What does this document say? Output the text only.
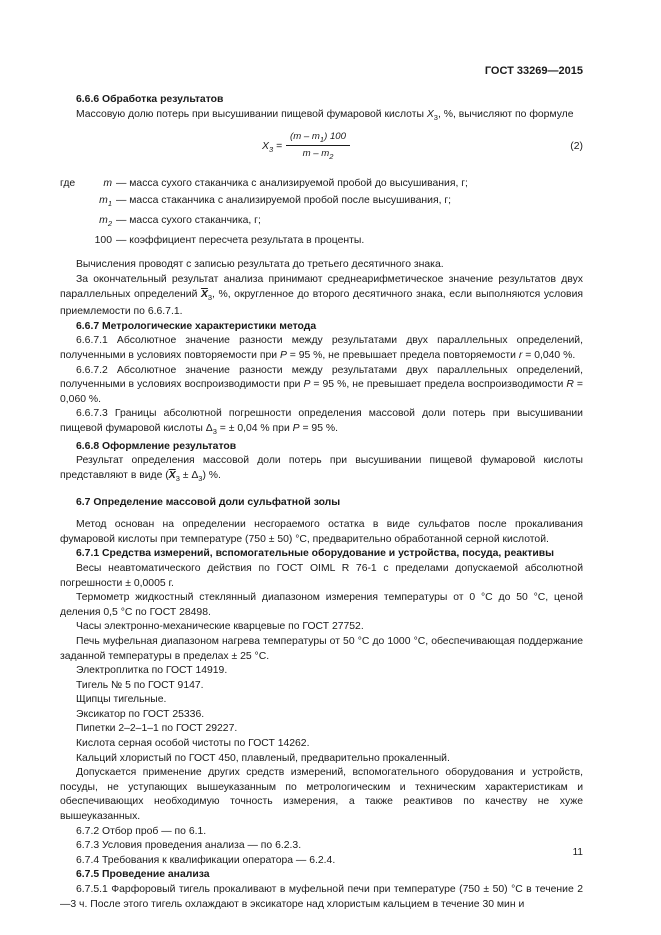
ГОСТ 33269—2015

6.6.6 Обработка результатов

Массовую долю потерь при высушивании пищевой фумаровой кислоты $X_3$, %, вычисляют по формуле

$X_3 = \frac{(m - m_1) 100}{m - m_2}$	(2)
где	m — масса сухого стаканчика с анализируемой пробой до высушивания, г;
$m_1$ — масса стаканчика с анализируемой пробой после высушивания, г;
$m_2$ — масса сухого стаканчика, г;
100 — коэффициент пересчета результата в проценты.

Вычисления проводят с записью результата до третьего десятичного знака.

За окончательный результат анализа принимают среднеарифметическое значение результатов двух параллельных определений $\overline{X}_3$, %, округленное до второго десятичного знака, если выполняются условия приемлемости по 6.6.7.1.

6.6.7 Метрологические характеристики метода

6.6.7.1 Абсолютное значение разности между результатами двух параллельных определений, полученными в условиях повторяемости при P = 95 %, не превышает предела повторяемости r = 0,040 %.

6.6.7.2 Абсолютное значение разности между результатами двух параллельных определений, полученными в условиях воспроизводимости при P = 95 %, не превышает предела воспроизводимости R = 0,060 %.

6.6.7.3 Границы абсолютной погрешности определения массовой доли потерь при высушивании пищевой фумаровой кислоты $\Delta_3$ = ± 0,04 % при P = 95 %.

6.6.8 Оформление результатов

Результат определения массовой доли потерь при высушивании пищевой фумаровой кислоты представляют в виде $(\overline{X}_3 \pm \Delta_3)$ %.

6.7 Определение массовой доли сульфатной золы

Метод основан на определении несгораемого остатка в виде сульфатов после прокаливания фумаровой кислоты при температуре (750 ± 50) °С, предварительно обработанной серной кислотой.

6.7.1 Средства измерений, вспомогательные оборудование и устройства, посуда, реактивы

Весы неавтоматического действия по ГОСТ OIML R 76-1 с пределами допускаемой абсолютной погрешности ± 0,0005 г.

Термометр жидкостный стеклянный диапазоном измерения температуры от 0 °С до 50 °С, ценой деления 0,5 °С по ГОСТ 28498.

Часы электронно-механические кварцевые по ГОСТ 27752.

Печь муфельная диапазоном нагрева температуры от 50 °С до 1000 °С, обеспечивающая поддержание заданной температуры в пределах ± 25 °С.

Электроплитка по ГОСТ 14919.

Тигель № 5 по ГОСТ 9147.

Щипцы тигельные.

Эксикатор по ГОСТ 25336.

Пипетки 2–2–1–1 по ГОСТ 29227.

Кислота серная особой чистоты по ГОСТ 14262.

Кальций хлористый по ГОСТ 450, плавленый, предварительно прокаленный.

Допускается применение других средств измерений, вспомогательного оборудования и устройств, посуды, не уступающих вышеуказанным по метрологическим и техническим характеристикам и обеспечивающих необходимую точность измерения, а также реактивов по качеству не хуже вышеуказанных.

6.7.2 Отбор проб — по 6.1.

6.7.3 Условия проведения анализа — по 6.2.3.

6.7.4 Требования к квалификации оператора — 6.2.4.

6.7.5 Проведение анализа

6.7.5.1 Фарфоровый тигель прокаливают в муфельной печи при температуре (750 ± 50) °С в течение 2—3 ч. После этого тигель охлаждают в эксикаторе над хлористым кальцием в течение 30 мин и

11
